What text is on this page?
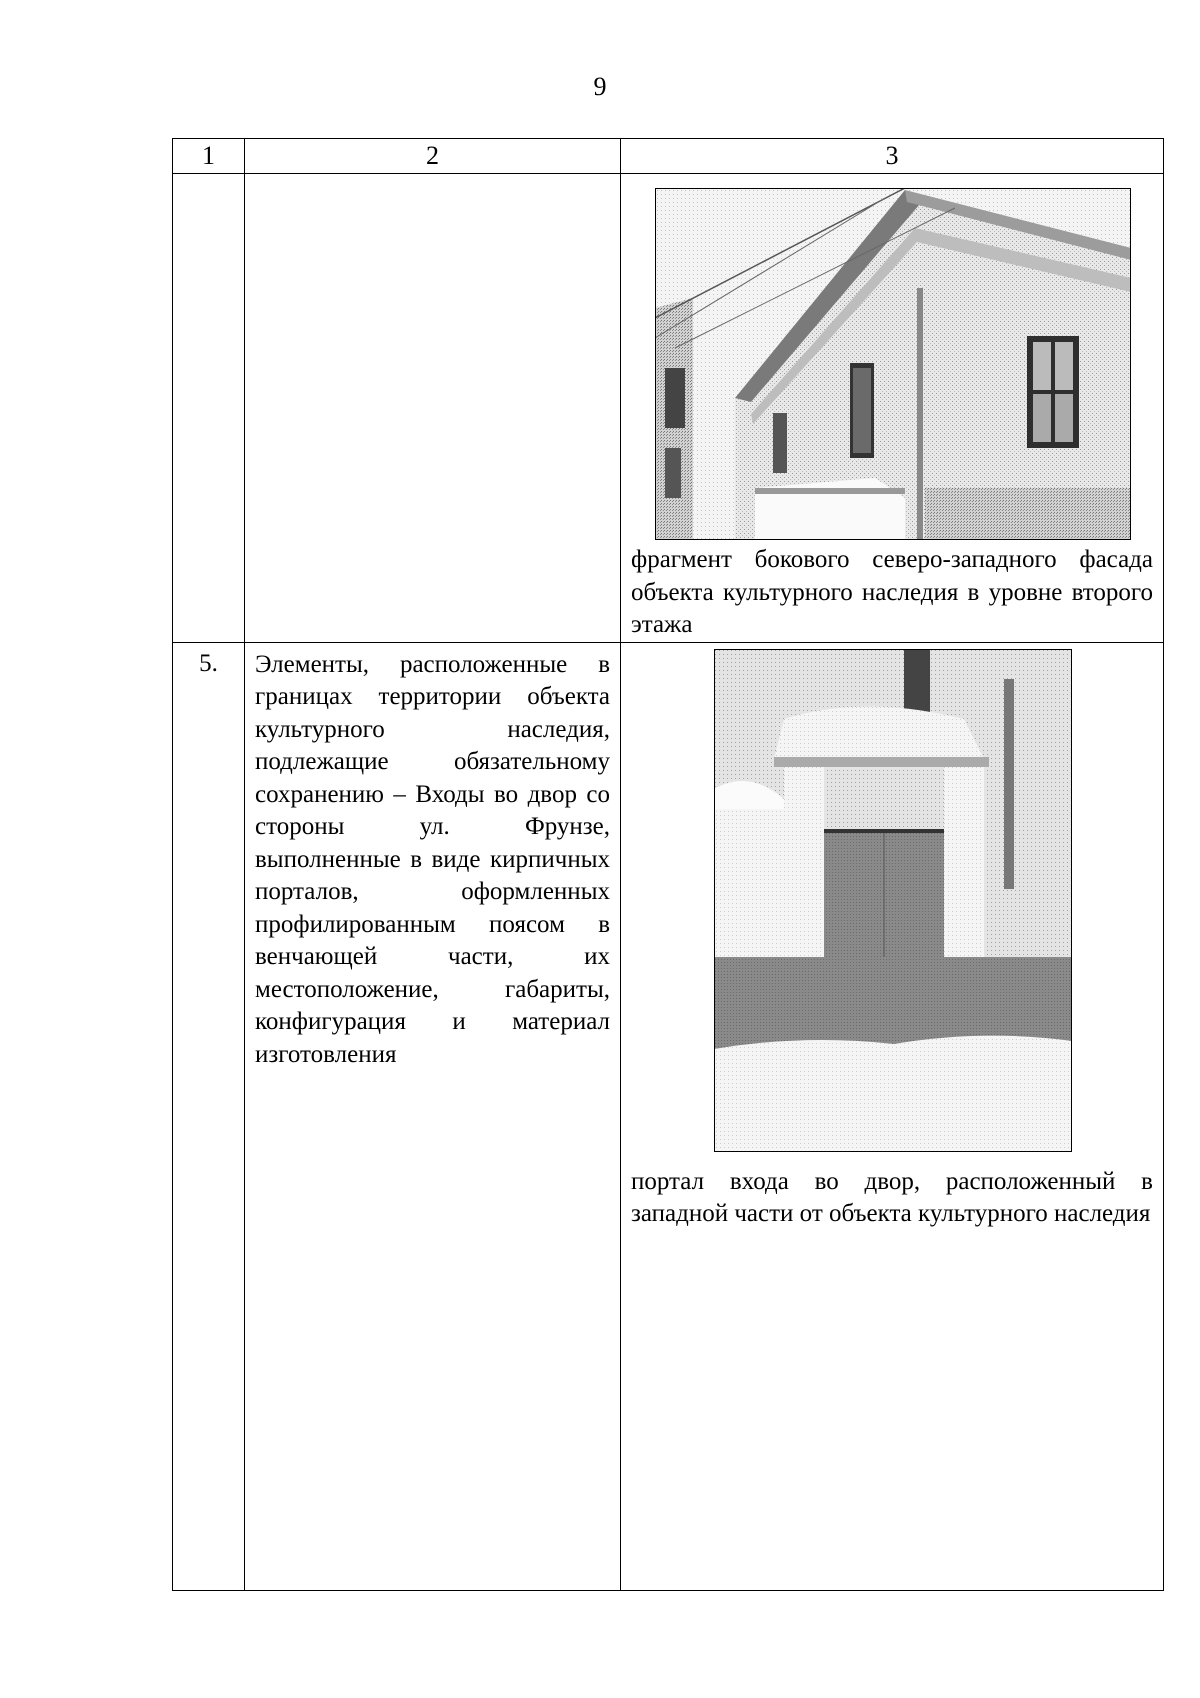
9
1	2	3

		фрагмент бокового северо-западного фасада объекта культурного наследия в уровне второго этажа

5.	Элементы, расположенные в границах территории объекта культурного наследия, подлежащие обязательному сохранению – Входы во двор со стороны ул. Фрунзе, выполненные в виде кирпичных порталов, оформленных профилированным поясом в венчающей части, их местоположение, габариты, конфигурация и материал изготовления	портал входа во двор, расположенный в западной части от объекта культурного наследия
